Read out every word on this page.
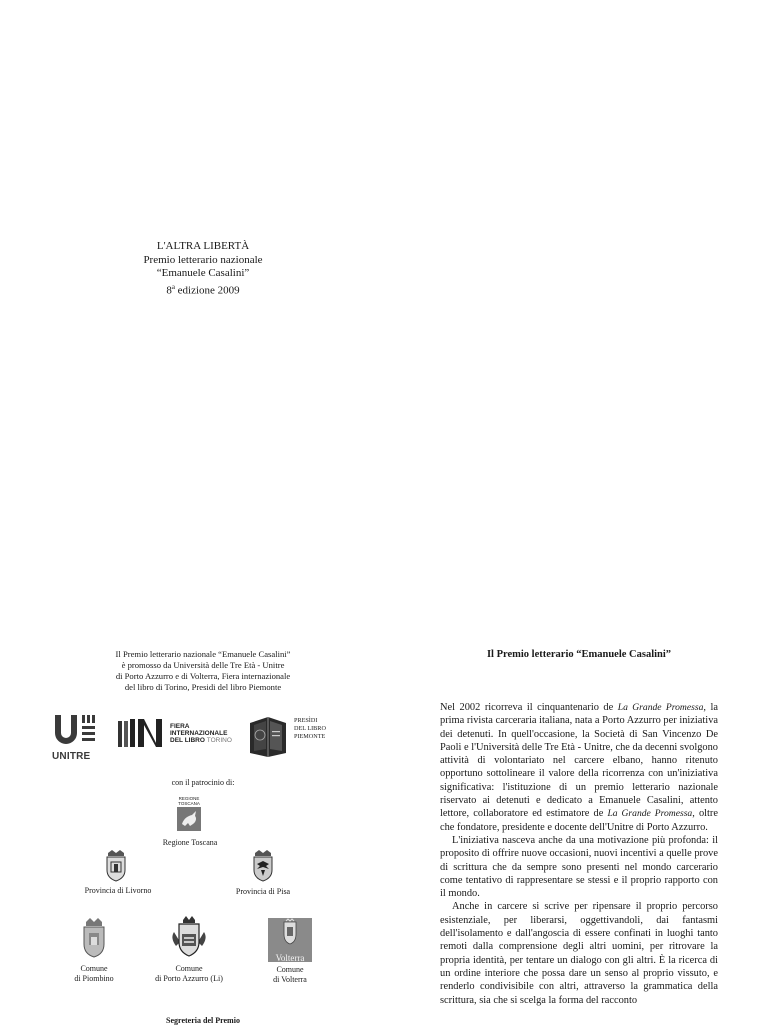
L'ALTRA LIBERTÀ
Premio letterario nazionale
“Emanuele Casalini”
8$^a$ edizione 2009
Il Premio letterario nazionale “Emanuele Casalini”
è promosso da Università delle Tre Età - Unitre
di Porto Azzurro e di Volterra, Fiera internazionale
del libro di Torino, Presidi del libro Piemonte
UNITRE
FIERA
INTERNAZIONALE
DEL LIBRO TORINO
PRESÌDI
DEL LIBRO
PIEMONTE
con il patrocinio di:
REGIONE
TOSCANA
Regione Toscana
Provincia di Livorno	Provincia di Pisa
Comune
di Piombino
Comune
di Porto Azzurro (Li)
Volterra
Comune
di Volterra
Segreteria del Premio
Il Premio letterario “Emanuele Casalini”

Nel 2002 ricorreva il cinquantenario de La Grande Promessa, la prima rivista carceraria italiana, nata a Porto Azzurro per iniziativa dei detenuti. In quell'occasione, la Società di San Vincenzo De Paoli e l'Università delle Tre Età - Unitre, che da decenni svolgono attività di volontariato nel carcere elbano, hanno ritenuto opportuno sottolineare il valore della ricorrenza con un'iniziativa significativa: l'istituzione di un premio letterario nazionale riservato ai detenuti e dedicato a Emanuele Casalini, attento lettore, collaboratore ed estimatore de La Grande Promessa, oltre che fondatore, presidente e docente dell'Unitre di Porto Azzurro.

L'iniziativa nasceva anche da una motivazione più profonda: il proposito di offrire nuove occasioni, nuovi incentivi a quelle prove di scrittura che da sempre sono presenti nel mondo carcerario come tentativo di rappresentare se stessi e il proprio rapporto con il mondo.

Anche in carcere si scrive per ripensare il proprio percorso esistenziale, per liberarsi, oggettivandoli, dai fantasmi dell'isolamento e dall'angoscia di essere confinati in luoghi tanto remoti dalla comprensione degli altri uomini, per ritrovare la propria identità, per tentare un dialogo con gli altri. È la ricerca di un ordine interiore che possa dare un senso al proprio vissuto, e renderlo condivisibile con altri, attraverso la grammatica della scrittura, sia che si scelga la forma del racconto
